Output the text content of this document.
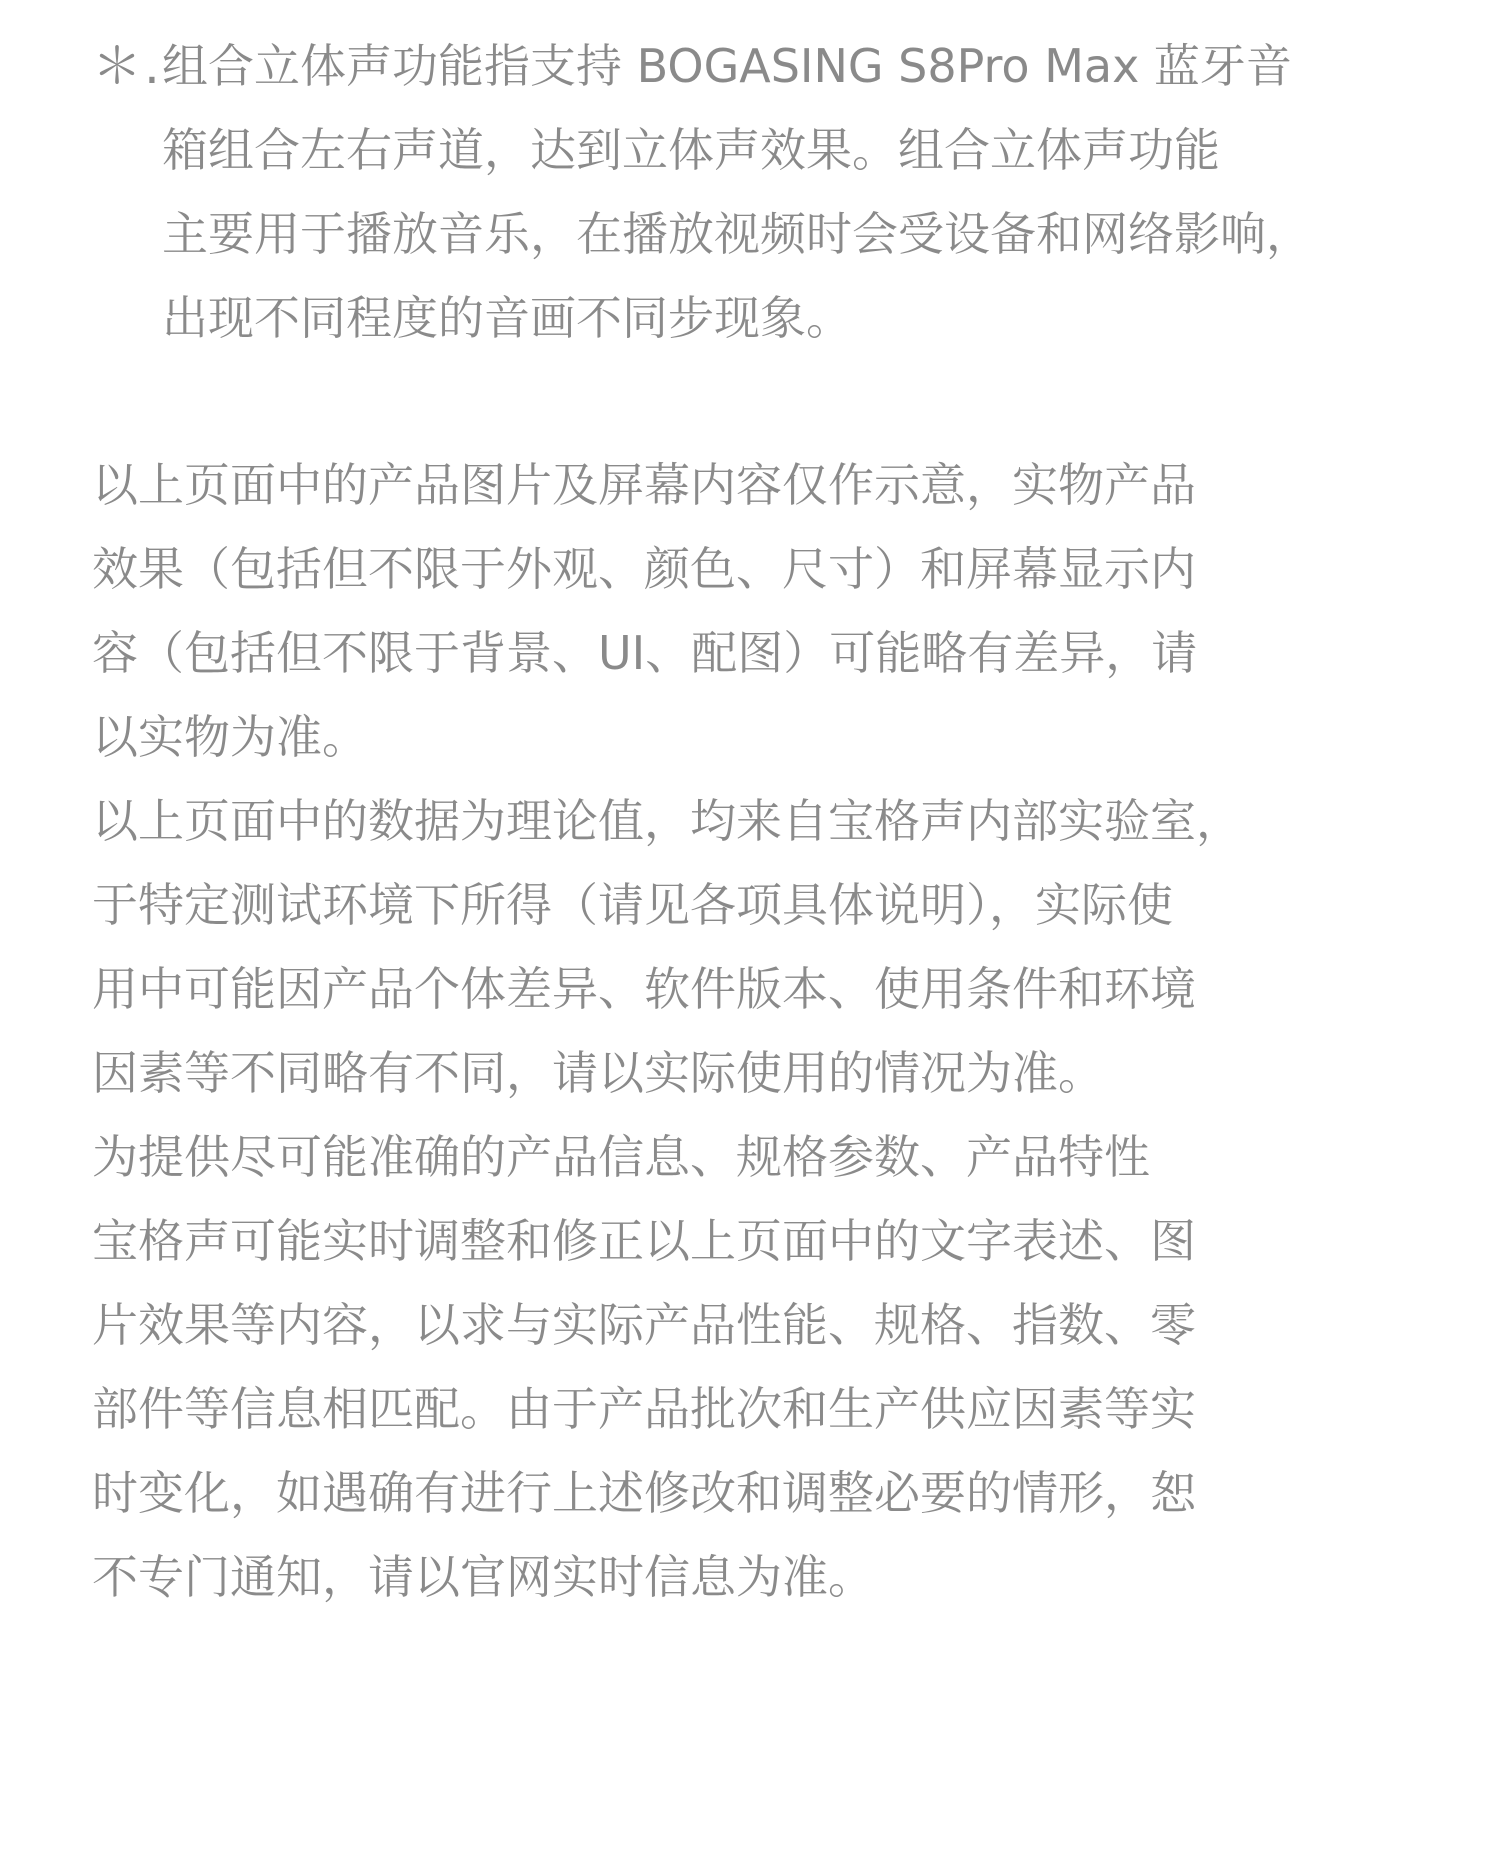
＊. 组合立体声功能指支持 BOGASING S8Pro Max 蓝牙音
箱组合左右声道，达到立体声效果。组合立体声功能
主要用于播放音乐，在播放视频时会受设备和网络影响，
出现不同程度的音画不同步现象。

以上页面中的产品图片及屏幕内容仅作示意，实物产品
效果（包括但不限于外观、颜色、尺寸）和屏幕显示内
容（包括但不限于背景、UI、配图）可能略有差异，请
以实物为准。

以上页面中的数据为理论值，均来自宝格声内部实验室，
于特定测试环境下所得（请见各项具体说明），实际使
用中可能因产品个体差异、软件版本、使用条件和环境
因素等不同略有不同，请以实际使用的情况为准。

为提供尽可能准确的产品信息、规格参数、产品特性
宝格声可能实时调整和修正以上页面中的文字表述、图
片效果等内容，以求与实际产品性能、规格、指数、零
部件等信息相匹配。由于产品批次和生产供应因素等实
时变化，如遇确有进行上述修改和调整必要的情形，恕
不专门通知，请以官网实时信息为准。
